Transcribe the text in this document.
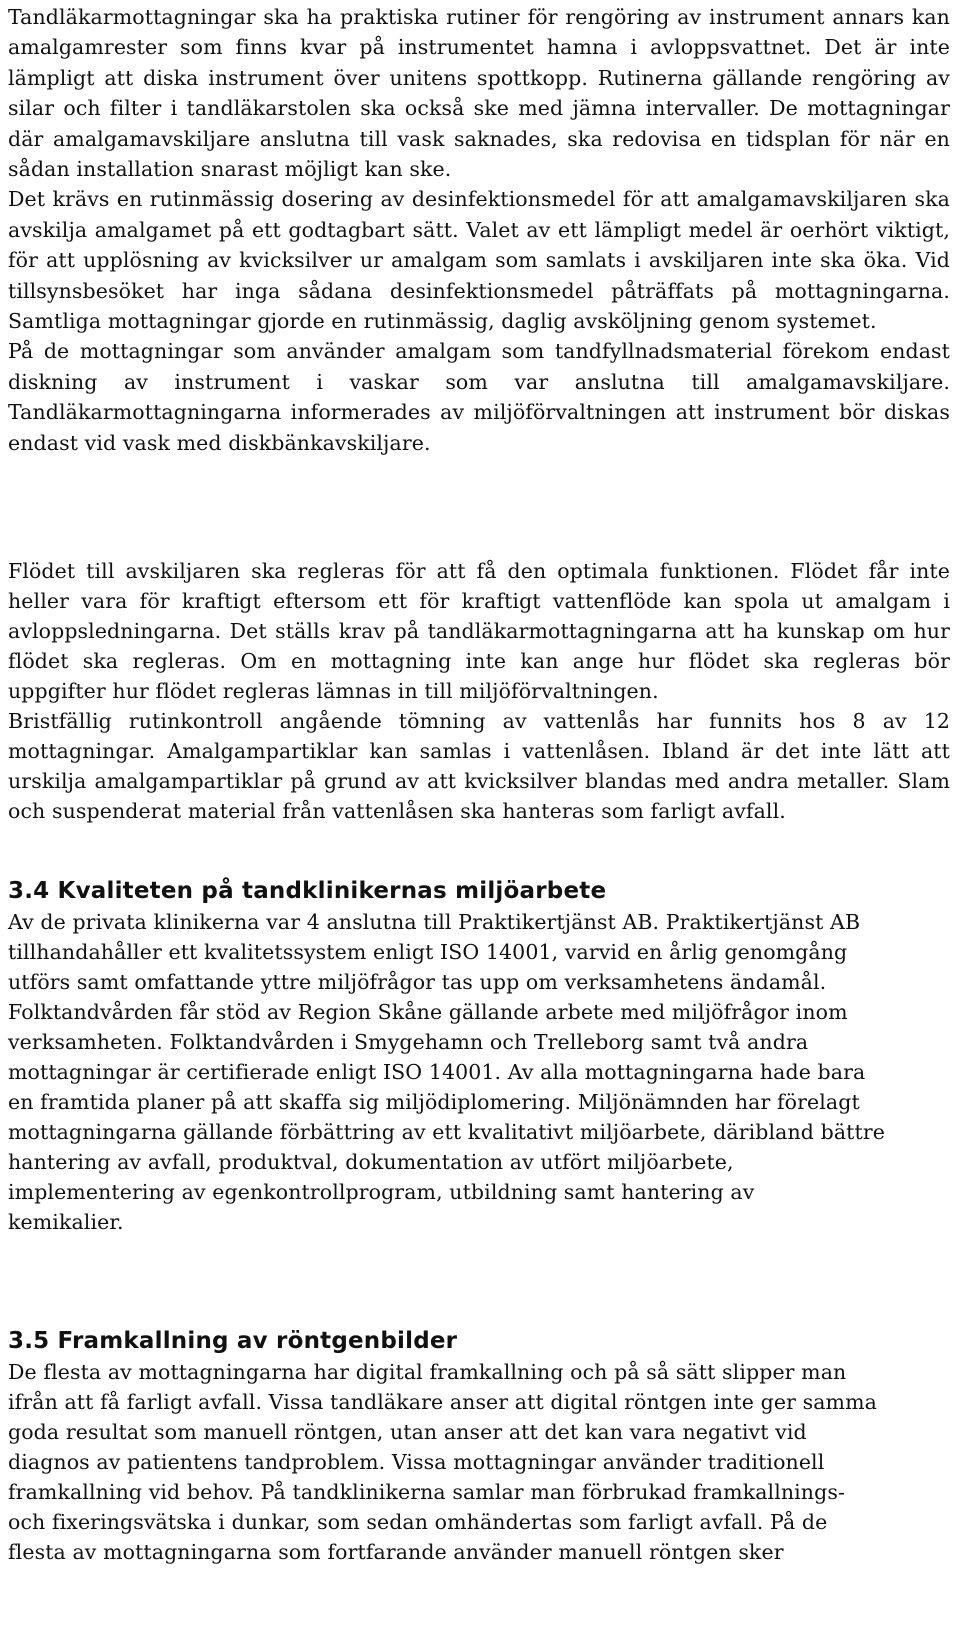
Tandläkarmottagningar ska ha praktiska rutiner för rengöring av instrument annars kan amalgamrester som finns kvar på instrumentet hamna i avloppsvattnet. Det är inte lämpligt att diska instrument över unitens spottkopp. Rutinerna gällande rengöring av silar och filter i tandläkarstolen ska också ske med jämna intervaller. De mottagningar där amalgamavskiljare anslutna till vask saknades, ska redovisa en tidsplan för när en sådan installation snarast möjligt kan ske.

Det krävs en rutinmässig dosering av desinfektionsmedel för att amalgamavskiljaren ska avskilja amalgamet på ett godtagbart sätt. Valet av ett lämpligt medel är oerhört viktigt, för att upplösning av kvicksilver ur amalgam som samlats i avskiljaren inte ska öka. Vid tillsynsbesöket har inga sådana desinfektionsmedel påträffats på mottagningarna. Samtliga mottagningar gjorde en rutinmässig, daglig avsköljning genom systemet.

På de mottagningar som använder amalgam som tandfyllnadsmaterial förekom endast diskning av instrument i vaskar som var anslutna till amalgamavskiljare. Tandläkarmottagningarna informerades av miljöförvaltningen att instrument bör diskas endast vid vask med diskbänkavskiljare.

Flödet till avskiljaren ska regleras för att få den optimala funktionen. Flödet får inte heller vara för kraftigt eftersom ett för kraftigt vattenflöde kan spola ut amalgam i avloppsledningarna. Det ställs krav på tandläkarmottagningarna att ha kunskap om hur flödet ska regleras. Om en mottagning inte kan ange hur flödet ska regleras bör uppgifter hur flödet regleras lämnas in till miljöförvaltningen.

Bristfällig rutinkontroll angående tömning av vattenlås har funnits hos 8 av 12 mottagningar. Amalgampartiklar kan samlas i vattenlåsen. Ibland är det inte lätt att urskilja amalgampartiklar på grund av att kvicksilver blandas med andra metaller. Slam och suspenderat material från vattenlåsen ska hanteras som farligt avfall.

3.4 Kvaliteten på tandklinikernas miljöarbete

Av de privata klinikerna var 4 anslutna till Praktikertjänst AB. Praktikertjänst AB

tillhandahåller ett kvalitetssystem enligt ISO 14001, varvid en årlig genomgång

utförs samt omfattande yttre miljöfrågor tas upp om verksamhetens ändamål.

Folktandvården får stöd av Region Skåne gällande arbete med miljöfrågor inom

verksamheten. Folktandvården i Smygehamn och Trelleborg samt två andra

mottagningar är certifierade enligt ISO 14001. Av alla mottagningarna hade bara

en framtida planer på att skaffa sig miljödiplomering. Miljönämnden har förelagt

mottagningarna gällande förbättring av ett kvalitativt miljöarbete, däribland bättre

hantering av avfall, produktval, dokumentation av utfört miljöarbete,

implementering av egenkontrollprogram, utbildning samt hantering av

kemikalier.

3.5 Framkallning av röntgenbilder

De flesta av mottagningarna har digital framkallning och på så sätt slipper man

ifrån att få farligt avfall. Vissa tandläkare anser att digital röntgen inte ger samma

goda resultat som manuell röntgen, utan anser att det kan vara negativt vid

diagnos av patientens tandproblem. Vissa mottagningar använder traditionell

framkallning vid behov. På tandklinikerna samlar man förbrukad framkallnings-

och fixeringsvätska i dunkar, som sedan omhändertas som farligt avfall. På de

flesta av mottagningarna som fortfarande använder manuell röntgen sker
